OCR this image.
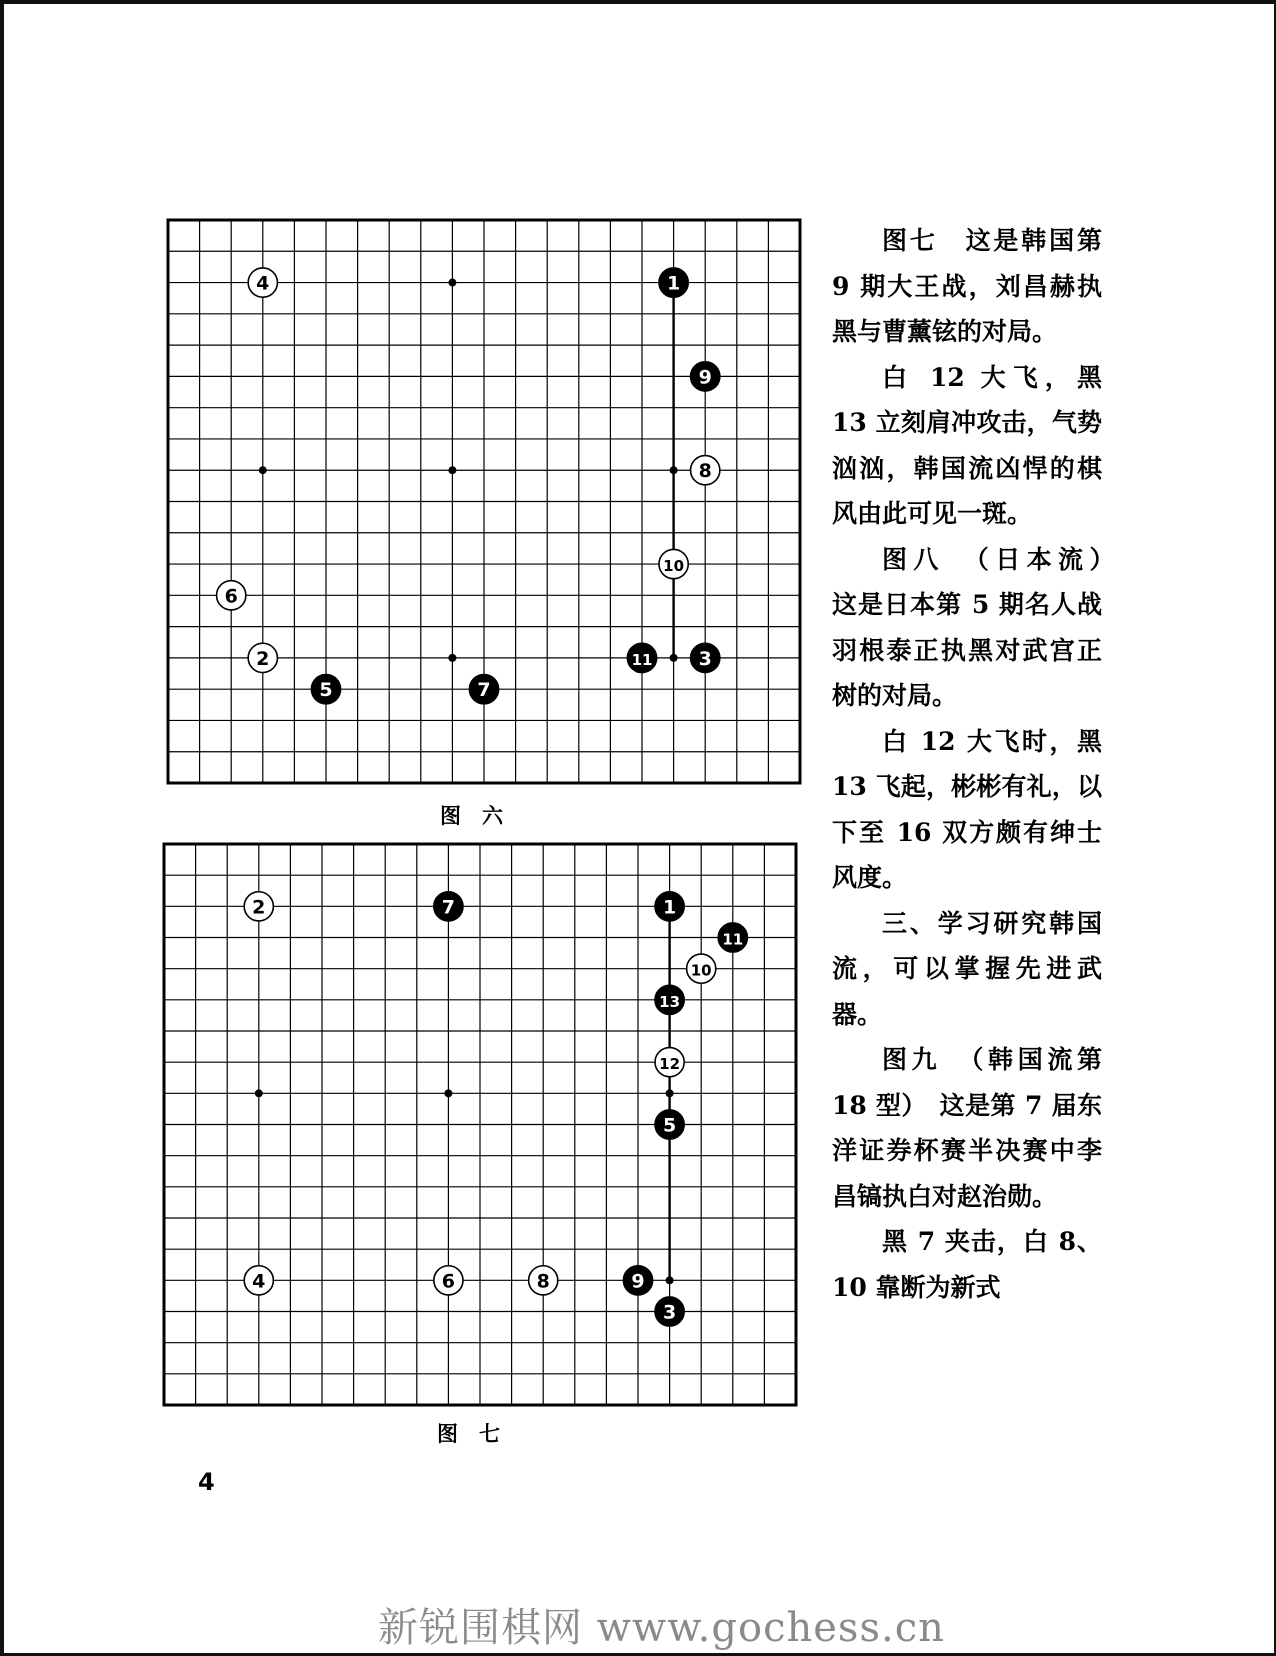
1
2	3
4
5
6
7
8
9
10
11
图　六
1
2
3
4
5
6
7
8	9
10
11
12
13
图　七

图七　这是韩国第 9 期大王战，刘昌赫执黑与曹薰铉的对局。

白 12 大飞，黑 13 立刻肩冲攻击，气势汹汹，韩国流凶悍的棋风由此可见一斑。

图八　（日本流）　这是日本第 5 期名人战羽根泰正执黑对武宫正树的对局。

白 12 大飞时，黑 13 飞起，彬彬有礼，以下至 16 双方颇有绅士风度。

三、学习研究韩国流，可以掌握先进武器。

图九　（韩国流第 18 型）　这是第 7 届东洋证券杯赛半决赛中李昌镐执白对赵治勋。

黑 7 夹击，白 8、10 靠断为新式

4
新锐围棋网 www.gochess.cn
